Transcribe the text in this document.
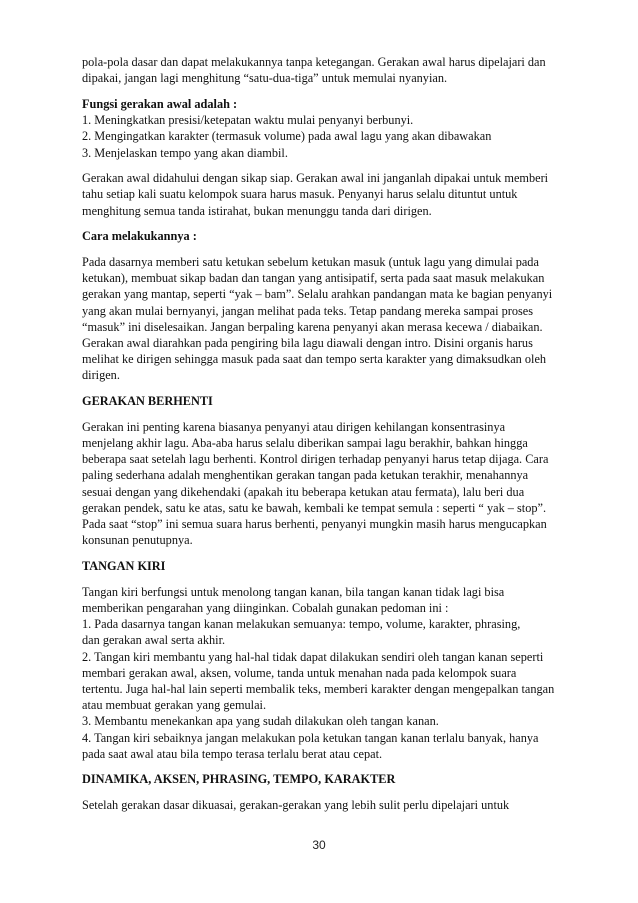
pola-pola dasar dan dapat melakukannya tanpa ketegangan. Gerakan awal harus dipelajari dan
dipakai, jangan lagi menghitung “satu-dua-tiga” untuk memulai nyanyian.
Fungsi gerakan awal adalah :
1. Meningkatkan presisi/ketepatan waktu mulai penyanyi berbunyi.
2. Mengingatkan karakter (termasuk volume) pada awal lagu yang akan dibawakan
3. Menjelaskan tempo yang akan diambil.
Gerakan awal didahului dengan sikap siap. Gerakan awal ini janganlah dipakai untuk memberi
tahu setiap kali suatu kelompok suara harus masuk. Penyanyi harus selalu dituntut untuk
menghitung semua tanda istirahat, bukan menunggu tanda dari dirigen.
Cara melakukannya :
Pada dasarnya memberi satu ketukan sebelum ketukan masuk (untuk lagu yang dimulai pada
ketukan), membuat sikap badan dan tangan yang antisipatif, serta pada saat masuk melakukan
gerakan yang mantap, seperti “yak – bam”. Selalu arahkan pandangan mata ke bagian penyanyi
yang akan mulai bernyanyi, jangan melihat pada teks. Tetap pandang mereka sampai proses
“masuk” ini diselesaikan. Jangan berpaling karena penyanyi akan merasa kecewa / diabaikan.
Gerakan awal diarahkan pada pengiring bila lagu diawali dengan intro. Disini organis harus
melihat ke dirigen sehingga masuk pada saat dan tempo serta karakter yang dimaksudkan oleh
dirigen.
GERAKAN BERHENTI
Gerakan ini penting karena biasanya penyanyi atau dirigen kehilangan konsentrasinya
menjelang akhir lagu. Aba-aba harus selalu diberikan sampai lagu berakhir, bahkan hingga
beberapa saat setelah lagu berhenti. Kontrol dirigen terhadap penyanyi harus tetap dijaga. Cara
paling sederhana adalah menghentikan gerakan tangan pada ketukan terakhir, menahannya
sesuai dengan yang dikehendaki (apakah itu beberapa ketukan atau fermata), lalu beri dua
gerakan pendek, satu ke atas, satu ke bawah, kembali ke tempat semula : seperti “ yak – stop”.
Pada saat “stop” ini semua suara harus berhenti, penyanyi mungkin masih harus mengucapkan
konsunan penutupnya.
TANGAN KIRI
Tangan kiri berfungsi untuk menolong tangan kanan, bila tangan kanan tidak lagi bisa
memberikan pengarahan yang diinginkan. Cobalah gunakan pedoman ini :
1. Pada dasarnya tangan kanan melakukan semuanya: tempo, volume, karakter, phrasing,
dan gerakan awal serta akhir.
2. Tangan kiri membantu yang hal-hal tidak dapat dilakukan sendiri oleh tangan kanan seperti
membari gerakan awal, aksen, volume, tanda untuk menahan nada pada kelompok suara
tertentu. Juga hal-hal lain seperti membalik teks, memberi karakter dengan mengepalkan tangan
atau membuat gerakan yang gemulai.
3. Membantu menekankan apa yang sudah dilakukan oleh tangan kanan.
4. Tangan kiri sebaiknya jangan melakukan pola ketukan tangan kanan terlalu banyak, hanya
pada saat awal atau bila tempo terasa terlalu berat atau cepat.
DINAMIKA, AKSEN, PHRASING, TEMPO, KARAKTER
Setelah gerakan dasar dikuasai, gerakan-gerakan yang lebih sulit perlu dipelajari untuk
30
